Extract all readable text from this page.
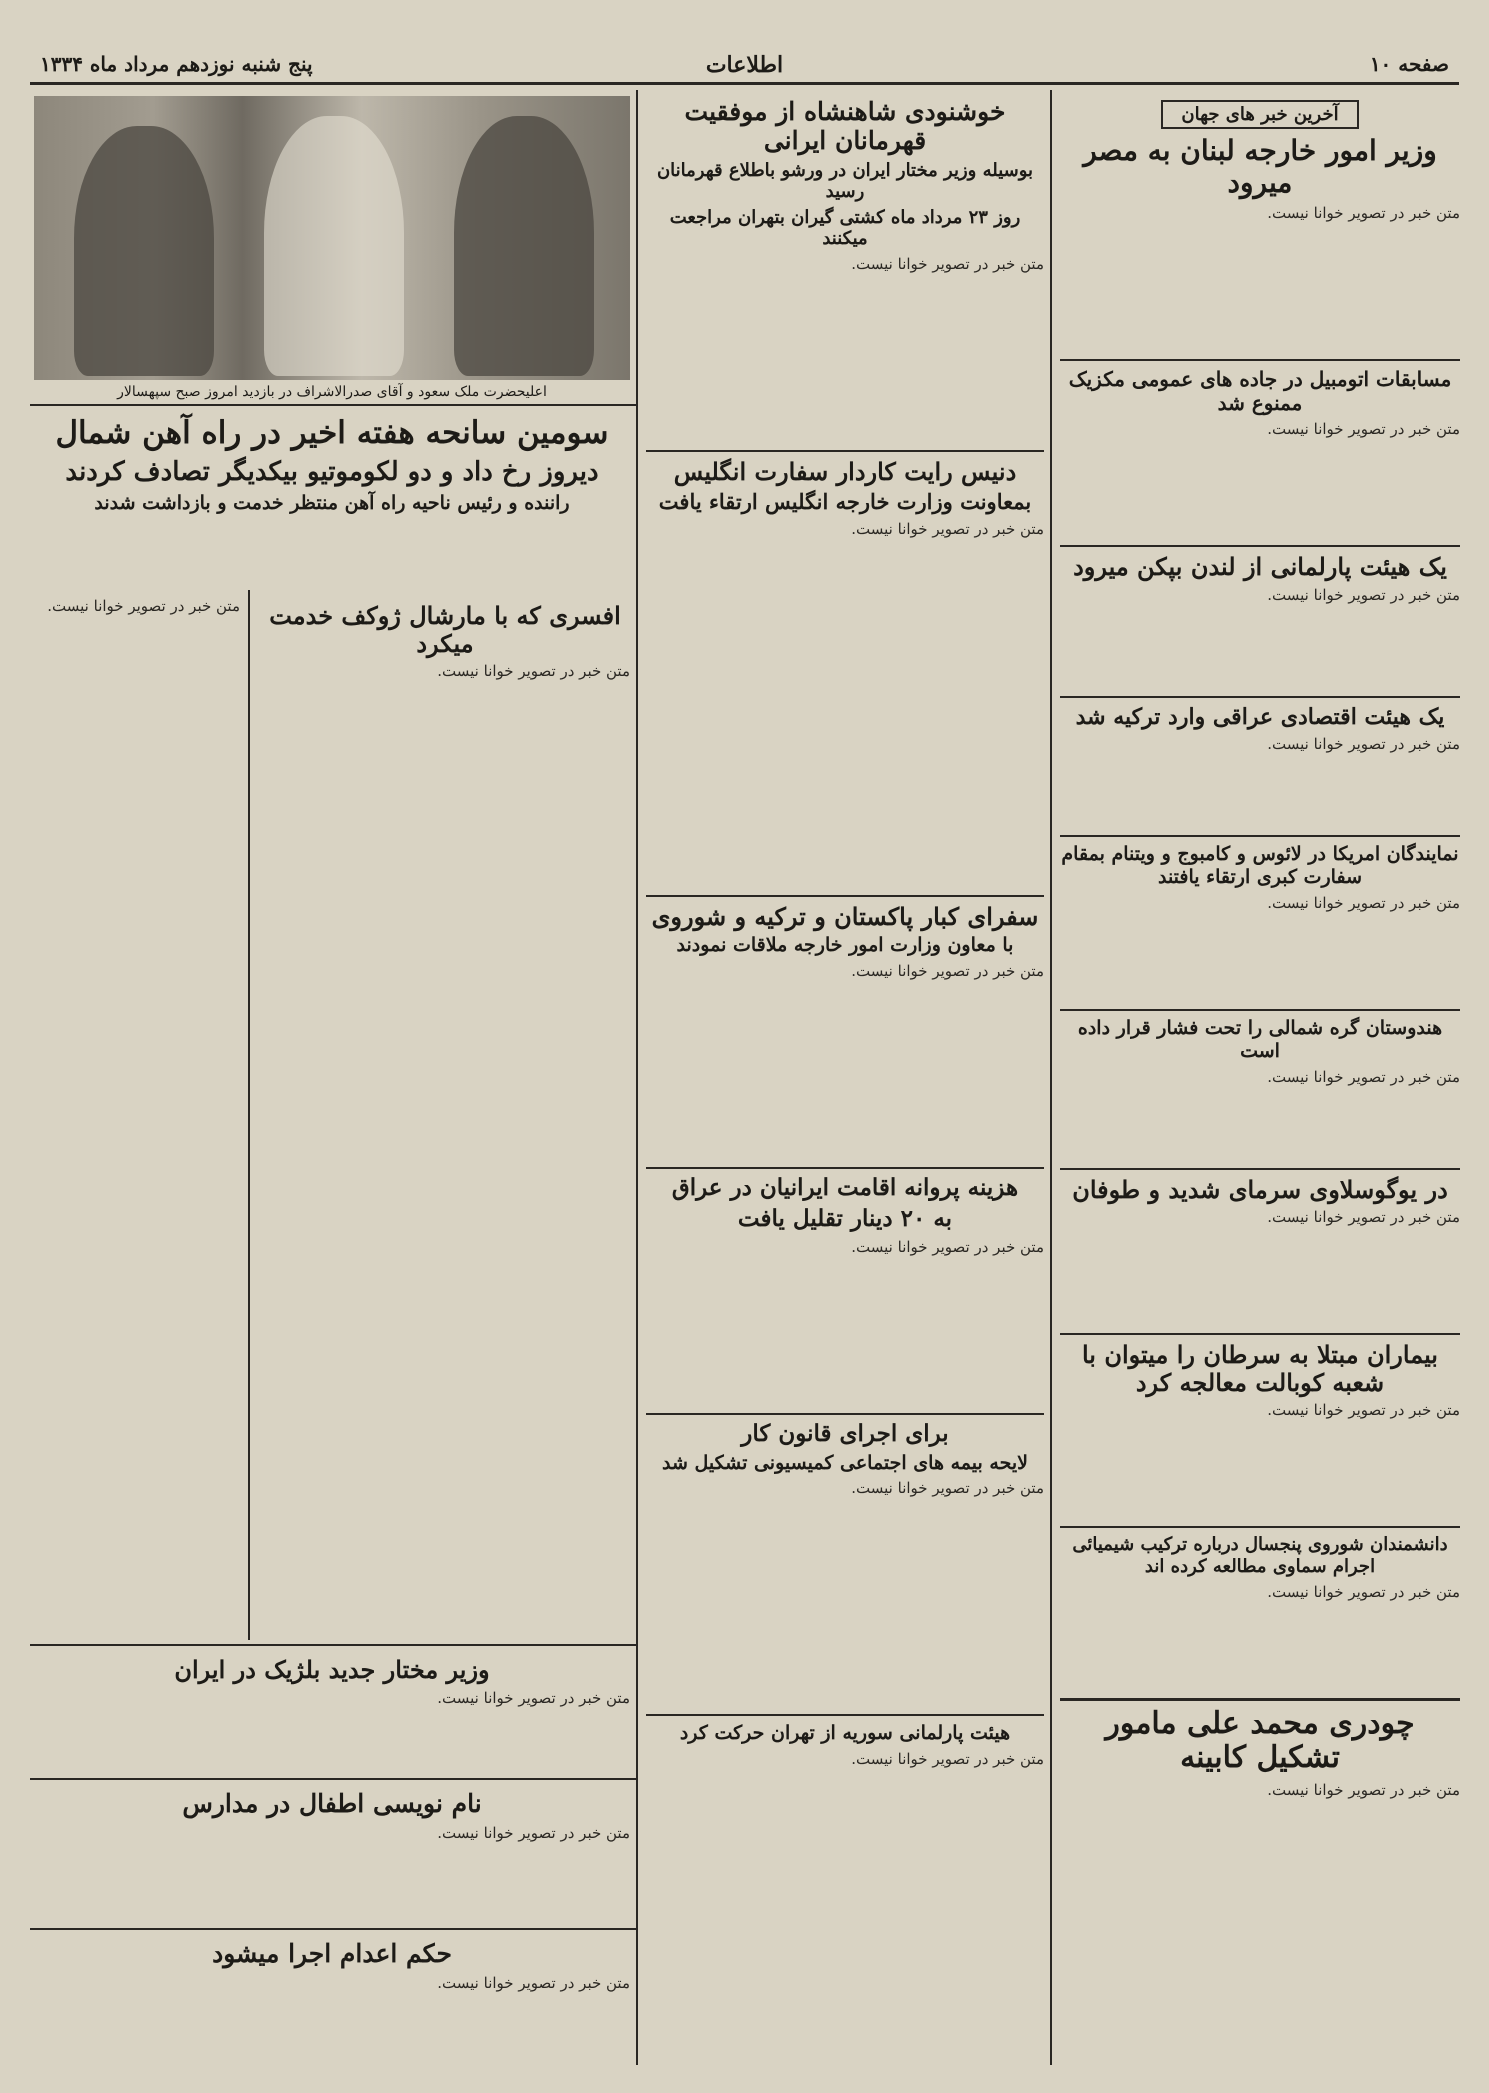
صفحه ۱۰
اطلاعات
پنج شنبه نوزدهم مرداد ماه ۱۳۳۴
آخرین خبر های جهان
وزیر امور خارجه لبنان به مصر میرود

متن خبر در تصویر خوانا نیست.

مسابقات اتومبیل در جاده های عمومی مکزیک ممنوع شد

متن خبر در تصویر خوانا نیست.

یک هیئت پارلمانی از لندن بپکن میرود

متن خبر در تصویر خوانا نیست.

یک هیئت اقتصادی عراقی وارد ترکیه شد

متن خبر در تصویر خوانا نیست.

نمایندگان امریکا در لائوس و کامبوج و ویتنام بمقام سفارت کبری ارتقاء یافتند

متن خبر در تصویر خوانا نیست.

هندوستان گره شمالی را تحت فشار قرار داده است

متن خبر در تصویر خوانا نیست.

در یوگوسلاوی سرمای شدید و طوفان

متن خبر در تصویر خوانا نیست.

بیماران مبتلا به سرطان را میتوان با شعبه کوبالت معالجه کرد

متن خبر در تصویر خوانا نیست.

دانشمندان شوروی پنجسال درباره ترکیب شیمیائی اجرام سماوی مطالعه کرده اند

متن خبر در تصویر خوانا نیست.

چودری محمد علی مامور تشکیل کابینه

متن خبر در تصویر خوانا نیست.

خوشنودی شاهنشاه از موفقیت قهرمانان ایرانی
بوسیله وزیر مختار ایران در ورشو باطلاع قهرمانان رسید
روز ۲۳ مرداد ماه کشتی گیران بتهران مراجعت میکنند

متن خبر در تصویر خوانا نیست.

دنیس رایت کاردار سفارت انگلیس
بمعاونت وزارت خارجه انگلیس ارتقاء یافت

متن خبر در تصویر خوانا نیست.

سفرای کبار پاکستان و ترکیه و شوروی
با معاون وزارت امور خارجه ملاقات نمودند

متن خبر در تصویر خوانا نیست.

هزینه پروانه اقامت ایرانیان در عراق
به ۲۰ دینار تقلیل یافت

متن خبر در تصویر خوانا نیست.

برای اجرای قانون کار
لایحه بیمه های اجتماعی کمیسیونی تشکیل شد

متن خبر در تصویر خوانا نیست.

هیئت پارلمانی سوریه از تهران حرکت کرد

متن خبر در تصویر خوانا نیست.

اعلیحضرت ملک سعود و آقای صدرالاشراف در بازدید امروز صبح سپهسالار
سومین سانحه هفته اخیر در راه آهن شمال
دیروز رخ داد و دو لکوموتیو بیکدیگر تصادف کردند
راننده و رئیس ناحیه راه آهن منتظر خدمت و بازداشت شدند
افسری که با مارشال ژوکف خدمت میکرد

متن خبر در تصویر خوانا نیست.

متن خبر در تصویر خوانا نیست.

وزیر مختار جدید بلژیک در ایران

متن خبر در تصویر خوانا نیست.

نام نویسی اطفال در مدارس

متن خبر در تصویر خوانا نیست.

حکم اعدام اجرا میشود

متن خبر در تصویر خوانا نیست.
